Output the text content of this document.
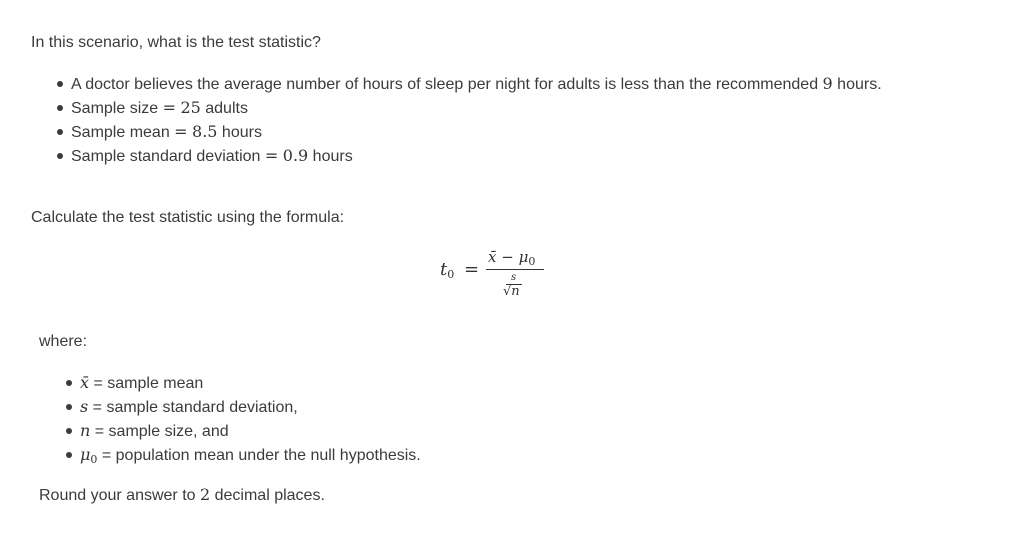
In this scenario, what is the test statistic?
A doctor believes the average number of hours of sleep per night for adults is less than the recommended 9 hours.
Sample size = 25 adults
Sample mean = 8.5 hours
Sample standard deviation = 0.9 hours
Calculate the test statistic using the formula:
$t_0$ =
x̄ − $\mu_0$
s
√n
where:
x̄ = sample mean
s = sample standard deviation,
n = sample size, and
$\mu_0$ = population mean under the null hypothesis.
Round your answer to 2 decimal places.
